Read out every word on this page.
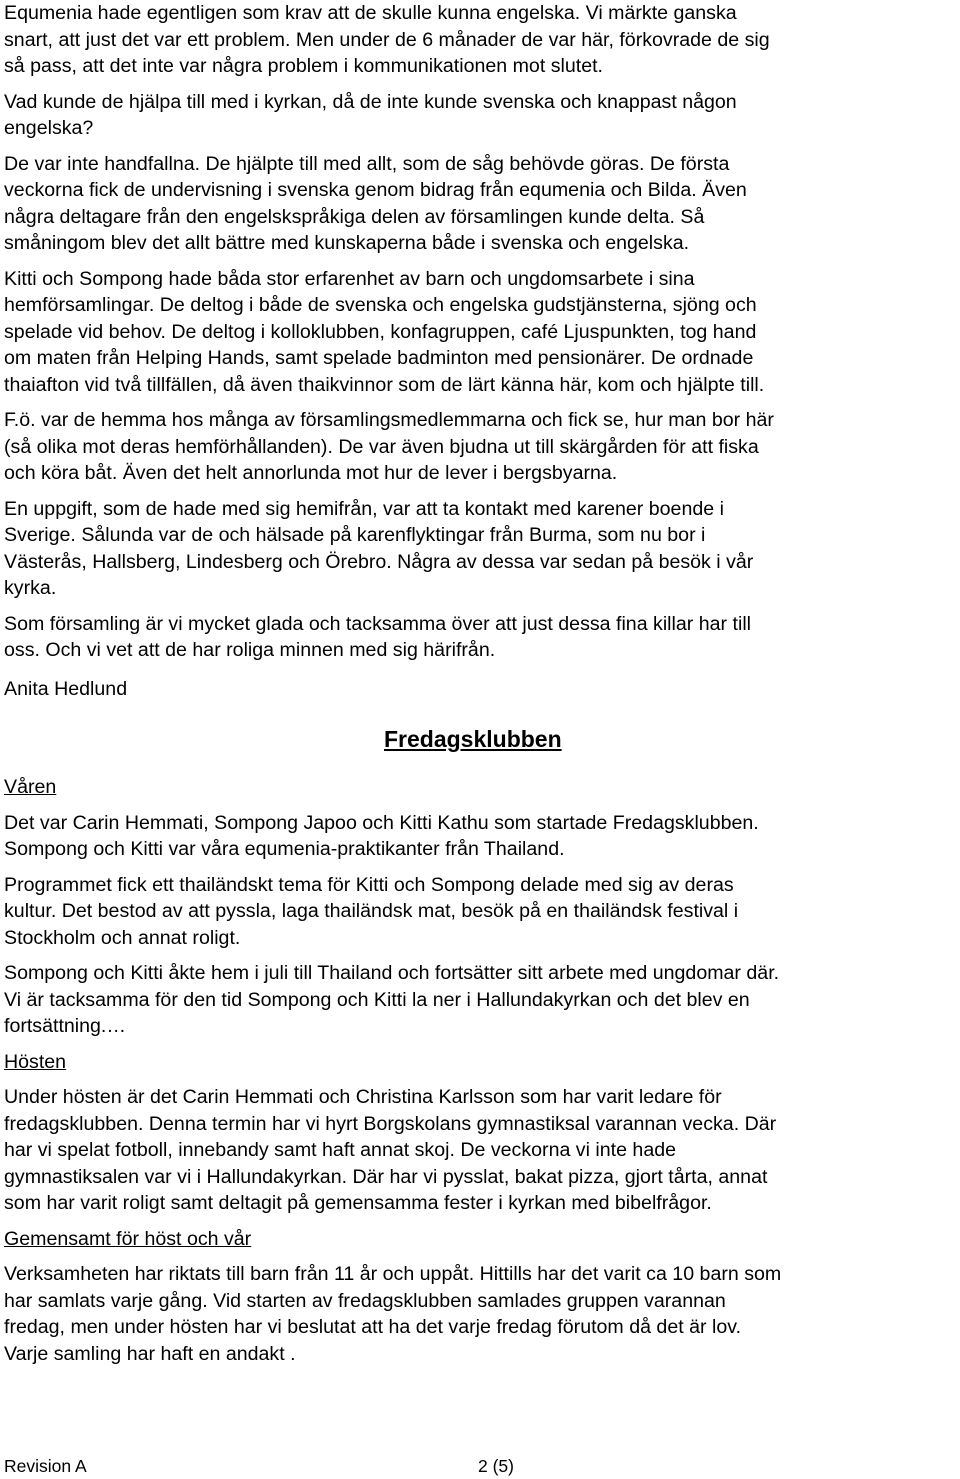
Equmenia hade egentligen som krav att de skulle kunna engelska. Vi märkte ganska

snart, att just det var ett problem. Men under de 6 månader de var här, förkovrade de sig

så pass, att det inte var några problem i kommunikationen mot slutet.

Vad kunde de hjälpa till med i kyrkan, då de inte kunde svenska och knappast någon

engelska?

De var inte handfallna. De hjälpte till med allt, som de såg behövde göras. De första

veckorna fick de undervisning i svenska genom bidrag från equmenia och Bilda. Även

några deltagare från den engelskspråkiga delen av församlingen kunde delta. Så

småningom blev det allt bättre med kunskaperna både i svenska och engelska.

Kitti och Sompong hade båda stor erfarenhet av barn och ungdomsarbete i sina

hemförsamlingar. De deltog i både de svenska och engelska gudstjänsterna, sjöng och

spelade vid behov. De deltog i kolloklubben, konfagruppen, café Ljuspunkten, tog hand

om maten från Helping Hands, samt spelade badminton med pensionärer. De ordnade

thaiafton vid två tillfällen, då även thaikvinnor som de lärt känna här, kom och hjälpte till.

F.ö. var de hemma hos många av församlingsmedlemmarna och fick se, hur man bor här

(så olika mot deras hemförhållanden). De var även bjudna ut till skärgården för att fiska

och köra båt. Även det helt annorlunda mot hur de lever i bergsbyarna.

En uppgift, som de hade med sig hemifrån, var att ta kontakt med karener boende i

Sverige. Sålunda var de och hälsade på karenflyktingar från Burma, som nu bor i

Västerås, Hallsberg, Lindesberg och Örebro. Några av dessa var sedan på besök i vår

kyrka.

Som församling är vi mycket glada och tacksamma över att just dessa fina killar har till

oss. Och vi vet att de har roliga minnen med sig härifrån.

Anita Hedlund

Fredagsklubben

Våren

Det var Carin Hemmati, Sompong Japoo och Kitti Kathu som startade Fredagsklubben.

Sompong och Kitti var våra equmenia-praktikanter från Thailand.

Programmet fick ett thailändskt tema för Kitti och Sompong delade med sig av deras

kultur. Det bestod av att pyssla, laga thailändsk mat, besök på en thailändsk festival i

Stockholm och annat roligt.

Sompong och Kitti åkte hem i juli till Thailand och fortsätter sitt arbete med ungdomar där.

Vi är tacksamma för den tid Sompong och Kitti la ner i Hallundakyrkan och det blev en

fortsättning.…

Hösten

Under hösten är det Carin Hemmati och Christina Karlsson som har varit ledare för

fredagsklubben. Denna termin har vi hyrt Borgskolans gymnastiksal varannan vecka. Där

har vi spelat fotboll, innebandy samt haft annat skoj. De veckorna vi inte hade

gymnastiksalen var vi i Hallundakyrkan. Där har vi pysslat, bakat pizza, gjort tårta, annat

som har varit roligt samt deltagit på gemensamma fester i kyrkan med bibelfrågor.

Gemensamt för höst och vår

Verksamheten har riktats till barn från 11 år och uppåt. Hittills har det varit ca 10 barn som

har samlats varje gång. Vid starten av fredagsklubben samlades gruppen varannan

fredag, men under hösten har vi beslutat att ha det varje fredag förutom då det är lov.

Varje samling har haft en andakt .

Revision A	2 (5)
